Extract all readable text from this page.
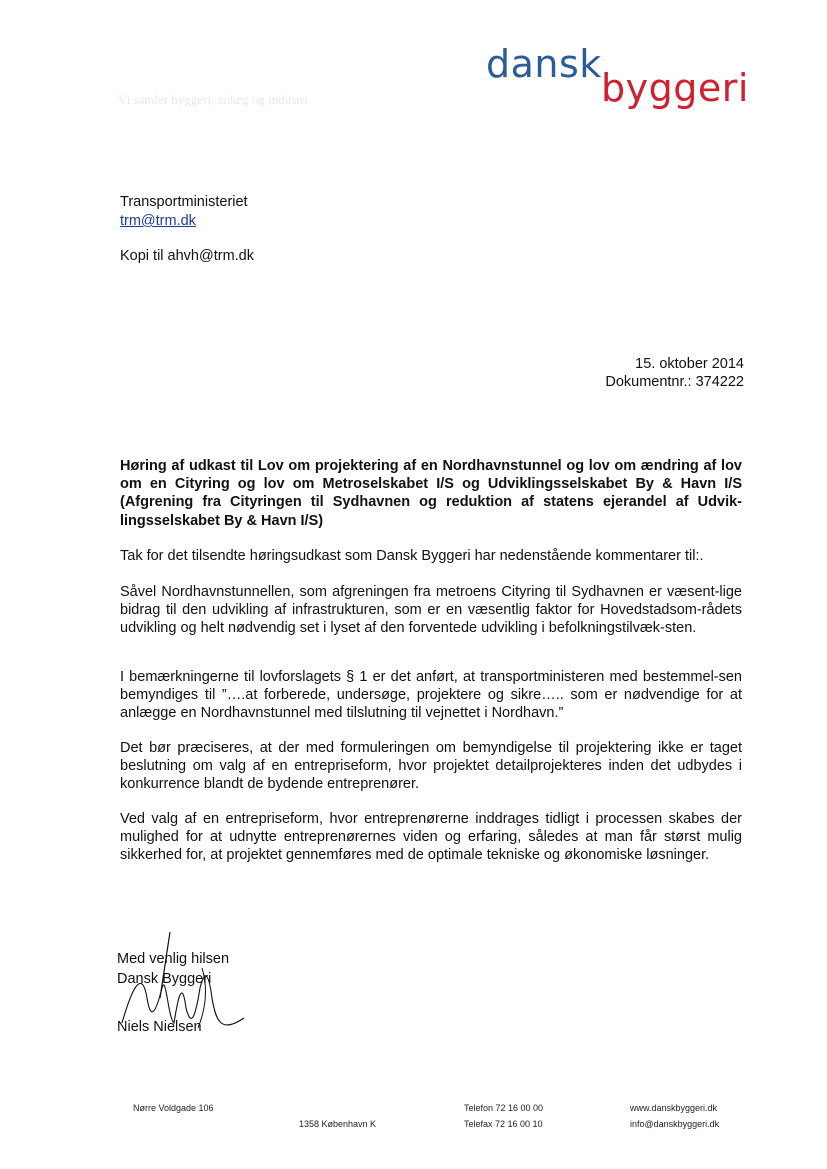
dansk
byggeri
Vi samler byggeri, anlæg og industri
Transportministeriet
trm@trm.dk
Kopi til ahvh@trm.dk
15. oktober 2014
Dokumentnr.: 374222
Høring af udkast til Lov om projektering af en Nordhavnstunnel og lov om ændring af lov om en Cityring og lov om Metroselskabet I/S og Udviklingsselskabet By & Havn I/S (Afgrening fra Cityringen til Sydhavnen og reduktion af statens ejerandel af Udvik-lingsselskabet By & Havn I/S)
Tak for det tilsendte høringsudkast som Dansk Byggeri har nedenstående kommentarer til:.
Såvel Nordhavnstunnellen, som afgreningen fra metroens Cityring til Sydhavnen er væsent-lige bidrag til den udvikling af infrastrukturen, som er en væsentlig faktor for Hovedstadsom-rådets udvikling og helt nødvendig set i lyset af den forventede udvikling i befolkningstilvæk-sten.
I bemærkningerne til lovforslagets § 1 er det anført, at transportministeren med bestemmel-sen bemyndiges til ”….at forberede, undersøge, projektere og sikre….. som er nødvendige for at anlægge en Nordhavnstunnel med tilslutning til vejnettet i Nordhavn.”
Det bør præciseres, at der med formuleringen om bemyndigelse til projektering ikke er taget beslutning om valg af en entrepriseform, hvor projektet detailprojekteres inden det udbydes i konkurrence blandt de bydende entreprenører.
Ved valg af en entrepriseform, hvor entreprenørerne inddrages tidligt i processen skabes der mulighed for at udnytte entreprenørernes viden og erfaring, således at man får størst mulig sikkerhed for, at projektet gennemføres med de optimale tekniske og økonomiske løsninger.
Med venlig hilsen
Dansk Byggeri
Niels Nielsen
Nørre Voldgade 106
1358 København K
Telefon 72 16 00 00
Telefax 72 16 00 10
www.danskbyggeri.dk
info@danskbyggeri.dk
